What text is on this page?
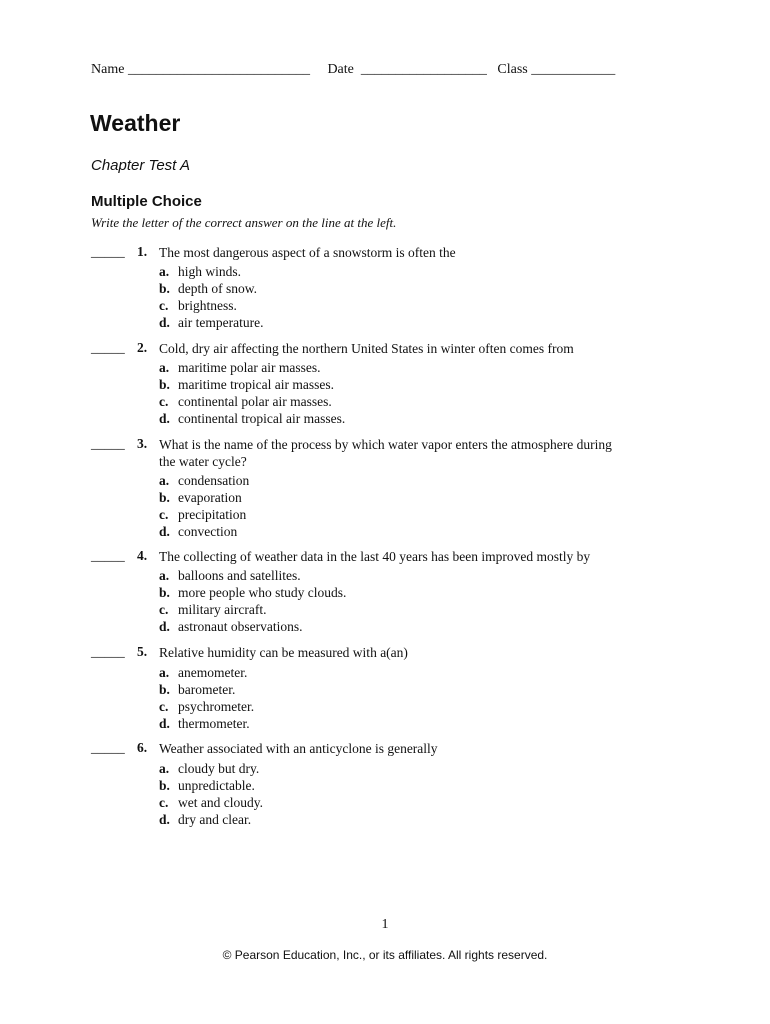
Name __________________________ Date __________________ Class ____________
Weather
Chapter Test A
Multiple Choice
Write the letter of the correct answer on the line at the left.
_____ 1. The most dangerous aspect of a snowstorm is often the
a. high winds.
b. depth of snow.
c. brightness.
d. air temperature.
_____ 2. Cold, dry air affecting the northern United States in winter often comes from
a. maritime polar air masses.
b. maritime tropical air masses.
c. continental polar air masses.
d. continental tropical air masses.
_____ 3. What is the name of the process by which water vapor enters the atmosphere during the water cycle?
a. condensation
b. evaporation
c. precipitation
d. convection
_____ 4. The collecting of weather data in the last 40 years has been improved mostly by
a. balloons and satellites.
b. more people who study clouds.
c. military aircraft.
d. astronaut observations.
_____ 5. Relative humidity can be measured with a(an)
a. anemometer.
b. barometer.
c. psychrometer.
d. thermometer.
_____ 6. Weather associated with an anticyclone is generally
a. cloudy but dry.
b. unpredictable.
c. wet and cloudy.
d. dry and clear.
1
© Pearson Education, Inc., or its affiliates. All rights reserved.
